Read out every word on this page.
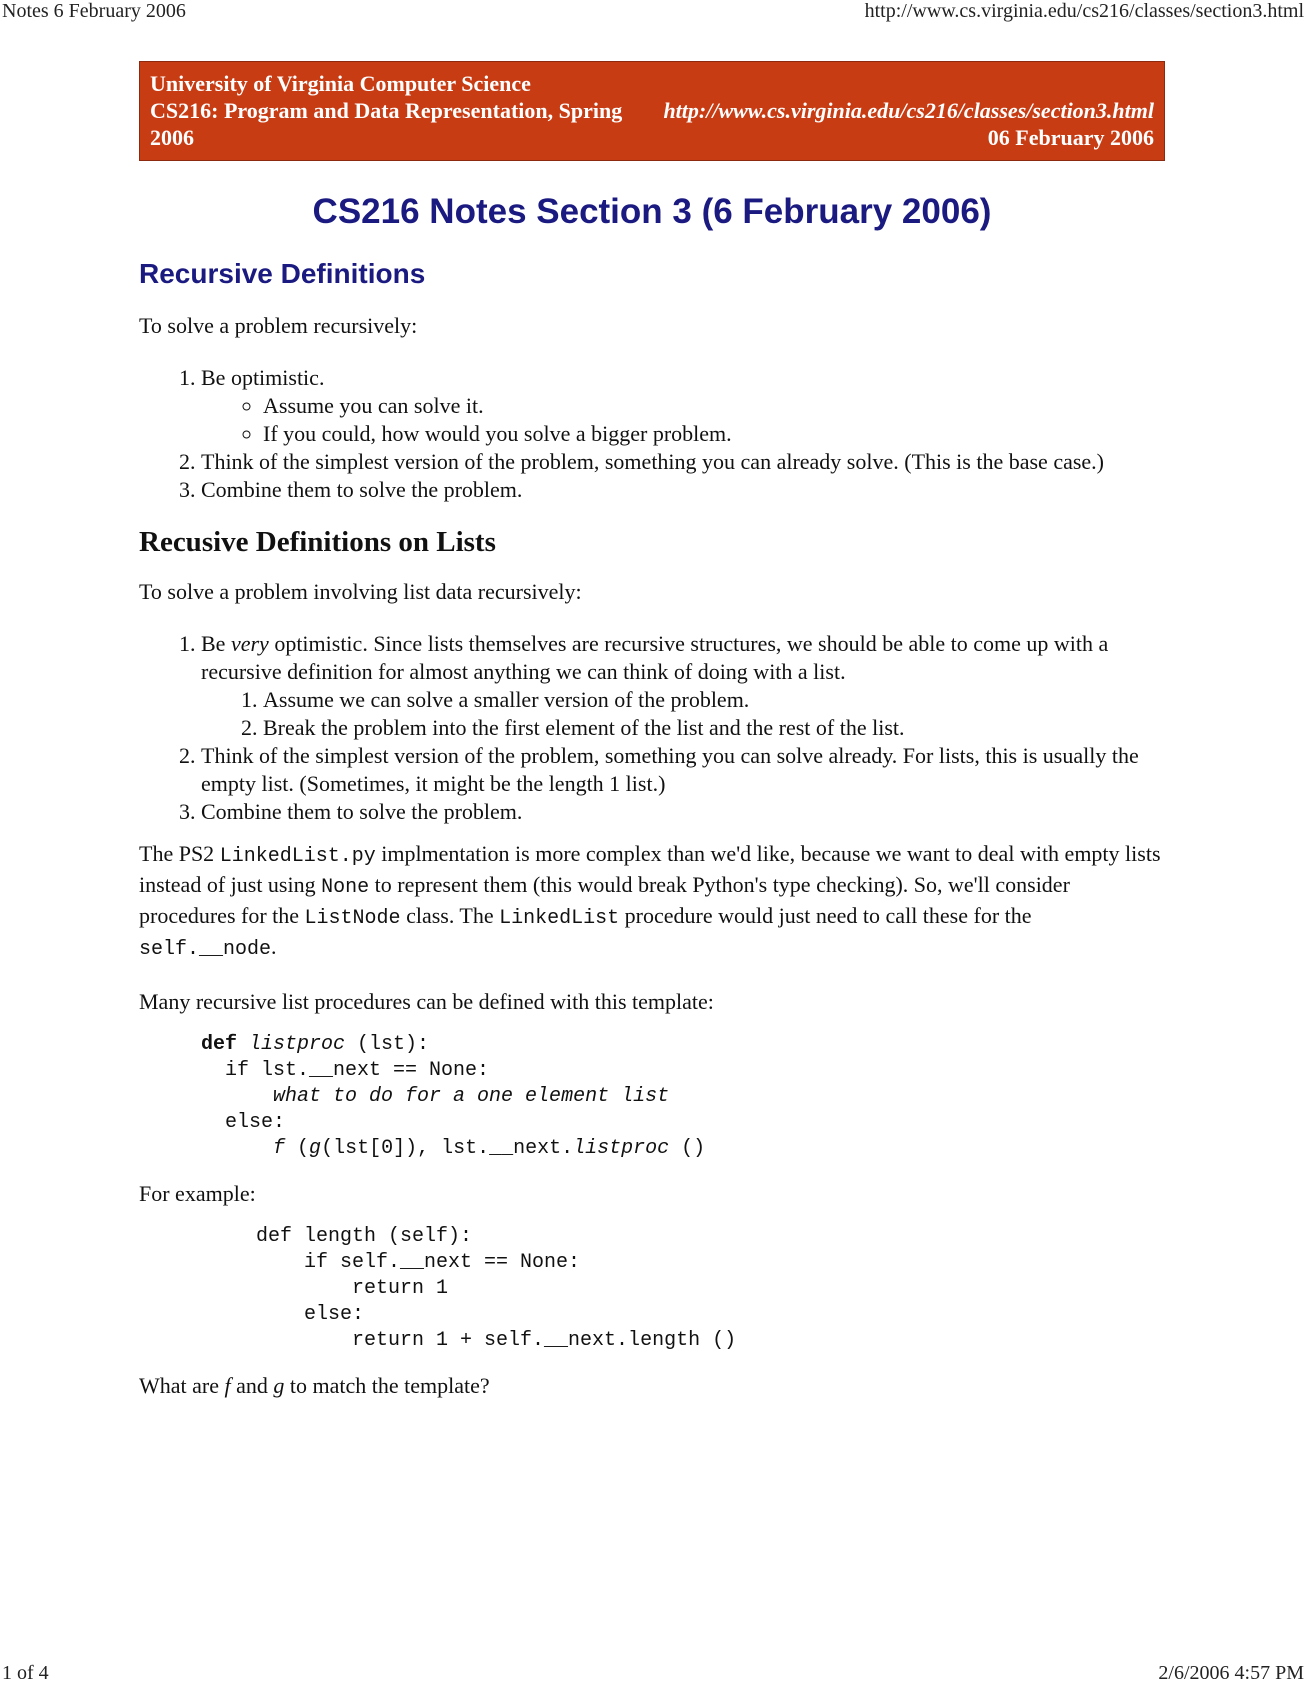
Notes 6 February 2006	http://www.cs.virginia.edu/cs216/classes/section3.html
University of Virginia Computer Science
CS216: Program and Data Representation, Spring 2006
http://www.cs.virginia.edu/cs216/classes/section3.html
06 February 2006
CS216 Notes Section 3 (6 February 2006)
Recursive Definitions

To solve a problem recursively:

1. Be optimistic.
◦ Assume you can solve it.
◦ If you could, how would you solve a bigger problem.
2. Think of the simplest version of the problem, something you can already solve. (This is the base case.)
3. Combine them to solve the problem.
Recusive Definitions on Lists

To solve a problem involving list data recursively:

1. Be very optimistic. Since lists themselves are recursive structures, we should be able to come up with a recursive definition for almost anything we can think of doing with a list.
1. Assume we can solve a smaller version of the problem.
2. Break the problem into the first element of the list and the rest of the list.
2. Think of the simplest version of the problem, something you can solve already. For lists, this is usually the empty list. (Sometimes, it might be the length 1 list.)
3. Combine them to solve the problem.

The PS2 LinkedList.py implmentation is more complex than we'd like, because we want to deal with empty lists instead of just using None to represent them (this would break Python's type checking). So, we'll consider procedures for the ListNode class. The LinkedList procedure would just need to call these for the self.__node.

Many recursive list procedures can be defined with this template:

def listproc (lst):
if lst.__next == None:
what to do for a one element list
else:
f (g(lst[0]), lst.__next.listproc ()

For example:

def length (self):
if self.__next == None:
return 1
else:
return 1 + self.__next.length ()

What are f and g to match the template?

1 of 4	2/6/2006 4:57 PM
